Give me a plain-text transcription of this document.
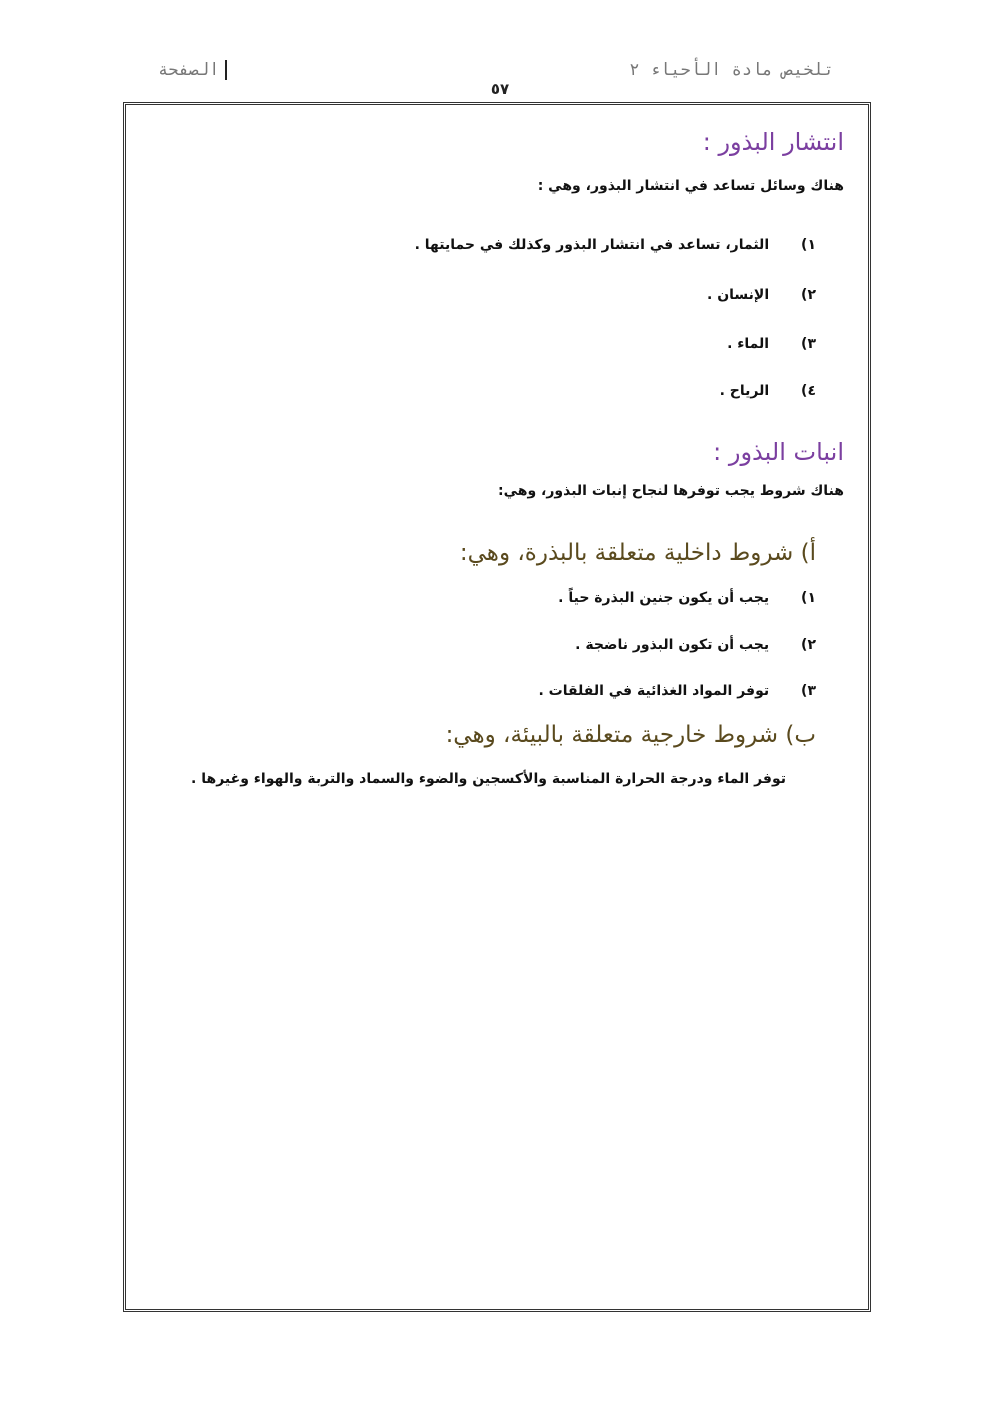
الصفحة	تلخيص مادة الأحياء ٢
٥٧
انتشار البذور :
هناك وسائل تساعد في انتشار البذور، وهي :
١) الثمار، تساعد في انتشار البذور وكذلك في حمايتها .
٢) الإنسان .
٣) الماء .
٤) الرياح .
انبات البذور :
هناك شروط يجب توفرها لنجاح إنبات البذور، وهي:
أ) شروط داخلية متعلقة بالبذرة، وهي:
١) يجب أن يكون جنين البذرة حياً .
٢) يجب أن تكون البذور ناضجة .
٣) توفر المواد الغذائية في الفلقات .
ب) شروط خارجية متعلقة بالبيئة، وهي:
توفر الماء ودرجة الحرارة المناسبة والأكسجين والضوء والسماد والتربة والهواء وغيرها .
